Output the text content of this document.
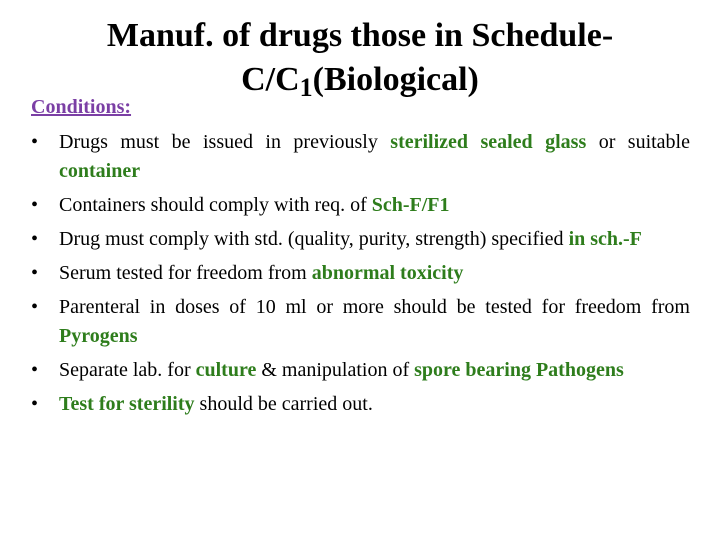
Manuf. of drugs those in Schedule-
$C/C_1(Biological)$
Conditions:
• Drugs must be issued in previously sterilized sealed glass or suitable container
• Containers should comply with req. of Sch-F/F1
• Drug must comply with std. (quality, purity, strength) specified in sch.-F
• Serum tested for freedom from abnormal toxicity
• Parenteral in doses of 10 ml or more should be tested for freedom from Pyrogens
• Separate lab. for culture & manipulation of spore bearing Pathogens
• Test for sterility should be carried out.
